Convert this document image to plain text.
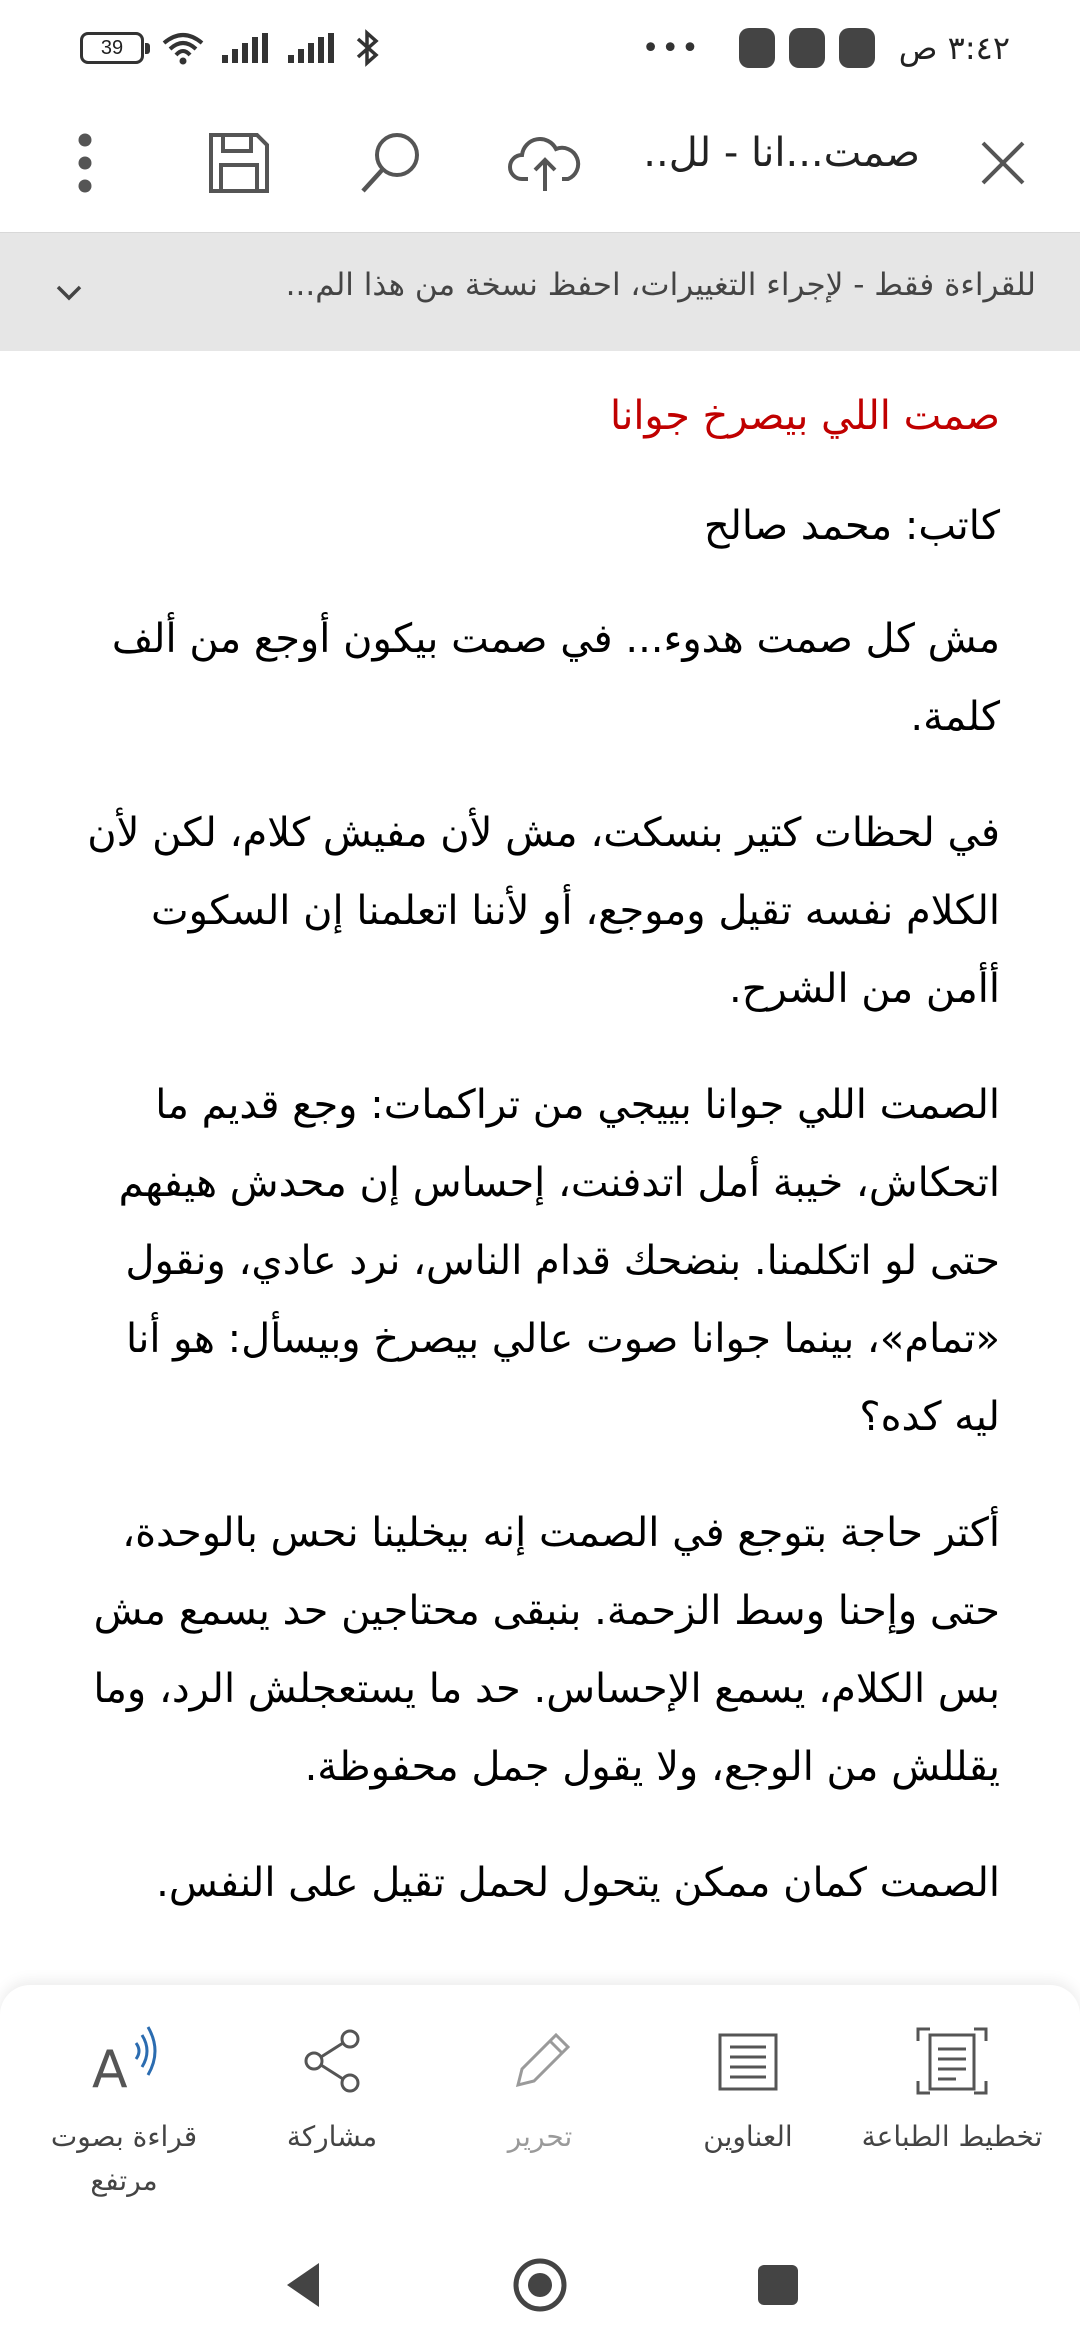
39	•••	٣:٤٢ ص
صمت...انا - لل..
للقراءة فقط - لإجراء التغييرات، احفظ نسخة من هذا الم...

صمت اللي بيصرخ جوانا

كاتب: محمد صالح

مش كل صمت هدوء... في صمت بيكون أوجع من ألف كلمة.

في لحظات كتير بنسكت، مش لأن مفيش كلام، لكن لأن الكلام نفسه تقيل وموجع، أو لأننا اتعلمنا إن السكوت أأمن من الشرح.

الصمت اللي جوانا بييجي من تراكمات: وجع قديم ما اتحكاش، خيبة أمل اتدفنت، إحساس إن محدش هيفهم حتى لو اتكلمنا. بنضحك قدام الناس، نرد عادي، ونقول «تمام»، بينما جوانا صوت عالي بيصرخ وبيسأل: هو أنا ليه كده؟

أكتر حاجة بتوجع في الصمت إنه بيخلينا نحس بالوحدة، حتى وإحنا وسط الزحمة. بنبقى محتاجين حد يسمع مش بس الكلام، يسمع الإحساس. حد ما يستعجلش الرد، وما يقللش من الوجع، ولا يقول جمل محفوظة.

الصمت كمان ممكن يتحول لحمل تقيل على النفس.

تخطيط الطباعة
العناوين
تحرير
مشاركة
A
قراءة بصوت مرتفع
